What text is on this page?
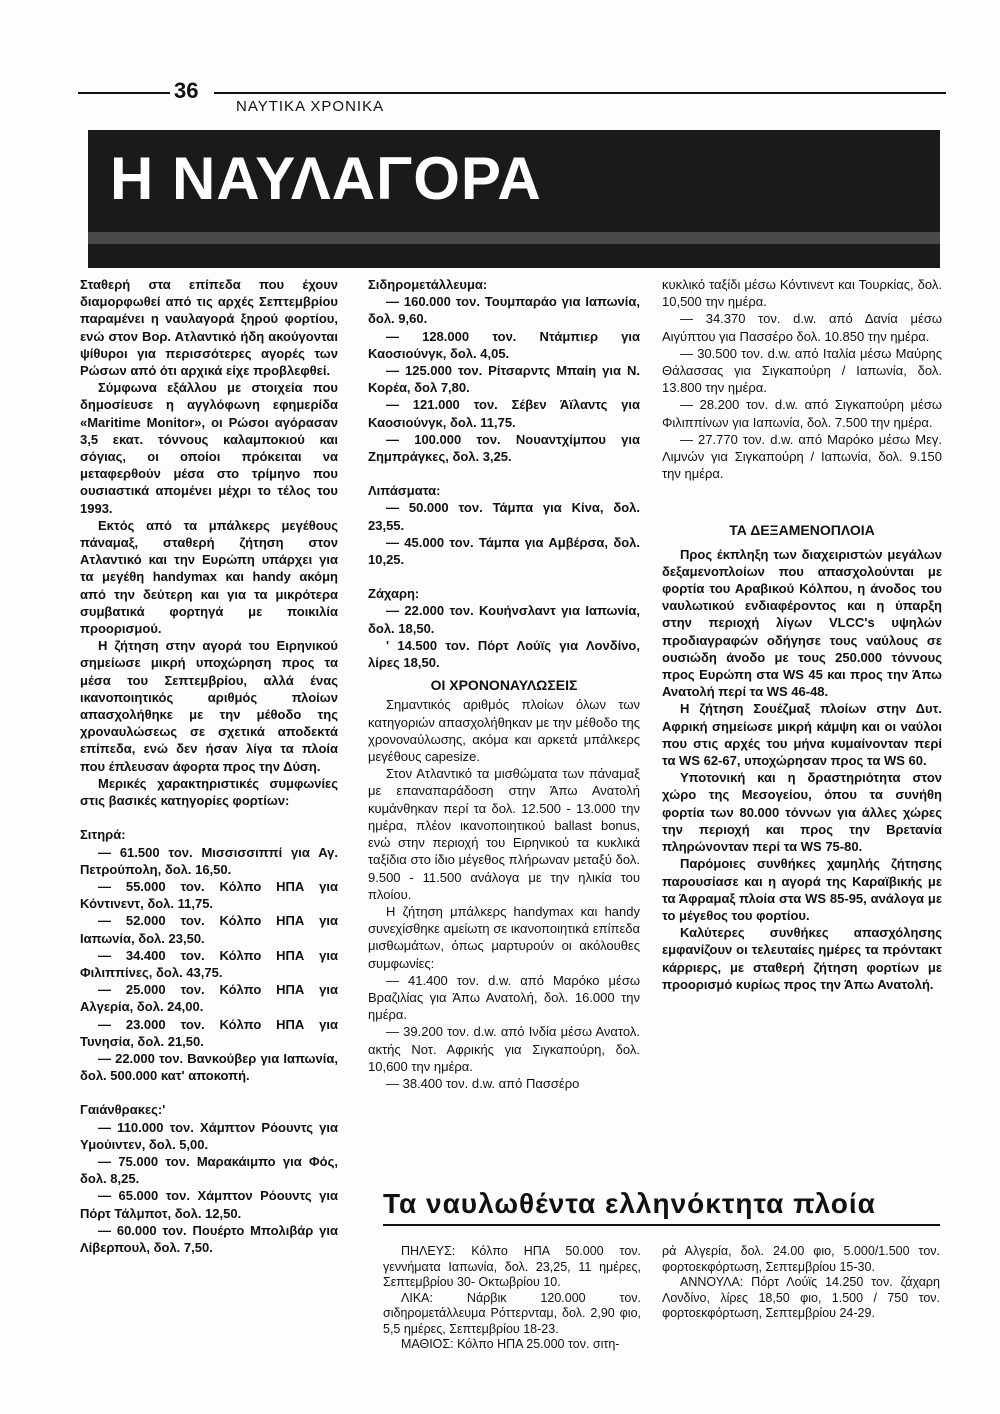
36
ΝΑΥΤΙΚΑ ΧΡΟΝΙΚΑ
Η ΝΑΥΛΑΓΟΡΑ

Σταθερή στα επίπεδα που έχουν διαμορφωθεί από τις αρχές Σεπτεμβρίου παραμένει η ναυλαγορά ξηρού φορτίου, ενώ στον Βορ. Ατλαντικό ήδη ακούγονται ψίθυροι για περισσότερες αγορές των Ρώσων από ότι αρχικά είχε προβλεφθεί.

Σύμφωνα εξάλλου με στοιχεία που δημοσίευσε η αγγλόφωνη εφημερίδα «Maritime Monitor», οι Ρώσοι αγόρασαν 3,5 εκατ. τόννους καλαμποκιού και σόγιας, οι οποίοι πρόκειται να μεταφερθούν μέσα στο τρίμηνο που ουσιαστικά απομένει μέχρι το τέλος του 1993.

Εκτός από τα μπάλκερς μεγέθους πάναμαξ, σταθερή ζήτηση στον Ατλαντικό και την Ευρώπη υπάρχει για τα μεγέθη handymax και handy ακόμη από την δεύτερη και για τα μικρότερα συμβατικά φορτηγά με ποικιλία προορισμού.

Η ζήτηση στην αγορά του Ειρηνικού σημείωσε μικρή υποχώρηση προς τα μέσα του Σεπτεμβρίου, αλλά ένας ικανοποιητικός αριθμός πλοίων απασχολήθηκε με την μέθοδο της χροναυλώσεως σε σχετικά αποδεκτά επίπεδα, ενώ δεν ήσαν λίγα τα πλοία που έπλευσαν άφορτα προς την Δύση.

Μερικές χαρακτηριστικές συμφωνίες στις βασικές κατηγορίες φορτίων:

Σιτηρά:

— 61.500 τον. Μισσισσιππί για Αγ. Πετρούπολη, δολ. 16,50.

— 55.000 τον. Κόλπο ΗΠΑ για Κόντινεντ, δολ. 11,75.

— 52.000 τον. Κόλπο ΗΠΑ για Ιαπωνία, δολ. 23,50.

— 34.400 τον. Κόλπο ΗΠΑ για Φιλιππίνες, δολ. 43,75.

— 25.000 τον. Κόλπο ΗΠΑ για Αλγερία, δολ. 24,00.

— 23.000 τον. Κόλπο ΗΠΑ για Τυνησία, δολ. 21,50.

— 22.000 τον. Βανκούβερ για Ιαπωνία, δολ. 500.000 κατ' αποκοπή.

Γαιάνθρακες:'

— 110.000 τον. Χάμπτον Ρόουντς για Υμούιντεν, δολ. 5,00.

— 75.000 τον. Μαρακάιμπο για Φός, δολ. 8,25.

— 65.000 τον. Χάμπτον Ρόουντς για Πόρτ Τάλμποτ, δολ. 12,50.

— 60.000 τον. Πουέρτο Μπολιβάρ για Λίβερπουλ, δολ. 7,50.

Σιδηρομετάλλευμα:

— 160.000 τον. Τουμπαράο για Ιαπωνία, δολ. 9,60.

— 128.000 τον. Ντάμπιερ για Καοσιούνγκ, δολ. 4,05.

— 125.000 τον. Ρίτσαρντς Μπαίη για Ν. Κορέα, δολ 7,80.

— 121.000 τον. Σέβεν Άϊλαντς για Καοσιούνγκ, δολ. 11,75.

— 100.000 τον. Νουαντχίμπου για Ζημπράγκες, δολ. 3,25.

Λιπάσματα:

— 50.000 τον. Τάμπα για Κίνα, δολ. 23,55.

— 45.000 τον. Τάμπα για Αμβέρσα, δολ. 10,25.

Ζάχαρη:

— 22.000 τον. Κουήνσλαντ για Ιαπωνία, δολ. 18,50.

' 14.500 τον. Πόρτ Λούϊς για Λονδίνο, λίρες 18,50.

ΟΙ ΧΡΟΝΟΝΑΥΛΩΣΕΙΣ

Σημαντικός αριθμός πλοίων όλων των κατηγοριών απασχολήθηκαν με την μέθοδο της χρονοναύλωσης, ακόμα και αρκετά μπάλκερς μεγέθους capesize.

Στον Ατλαντικό τα μισθώματα των πάναμαξ με επαναπαράδοση στην Άπω Ανατολή κυμάνθηκαν περί τα δολ. 12.500 - 13.000 την ημέρα, πλέον ικανοποιητικού ballast bonus, ενώ στην περιοχή του Ειρηνικού τα κυκλικά ταξίδια στο ίδιο μέγεθος πλήρωναν μεταξύ δολ. 9.500 - 11.500 ανάλογα με την ηλικία του πλοίου.

Η ζήτηση μπάλκερς handymax και handy συνεχίσθηκε αμείωτη σε ικανοποιητικά επίπεδα μισθωμάτων, όπως μαρτυρούν οι ακόλουθες συμφωνίες:

— 41.400 τον. d.w. από Μαρόκο μέσω Βραζιλίας για Άπω Ανατολή, δολ. 16.000 την ημέρα.

— 39.200 τον. d.w. από Ινδία μέσω Ανατολ. ακτής Νοτ. Αφρικής για Σιγκαπούρη, δολ. 10,600 την ημέρα.

— 38.400 τον. d.w. από Πασσέρο

κυκλικό ταξίδι μέσω Κόντινεντ και Τουρκίας, δολ. 10,500 την ημέρα.

— 34.370 τον. d.w. από Δανία μέσω Αιγύπτου για Πασσέρο δολ. 10.850 την ημέρα.

— 30.500 τον. d.w. από Ιταλία μέσω Μαύρης Θάλασσας για Σιγκαπούρη / Ιαπωνία, δολ. 13.800 την ημέρα.

— 28.200 τον. d.w. από Σιγκαπούρη μέσω Φιλιππίνων για Ιαπωνία, δολ. 7.500 την ημέρα.

— 27.770 τον. d.w. από Μαρόκο μέσω Μεγ. Λιμνών για Σιγκαπούρη / Ιαπωνία, δολ. 9.150 την ημέρα.

ΤΑ ΔΕΞΑΜΕΝΟΠΛΟΙΑ

Προς έκπληξη των διαχειριστών μεγάλων δεξαμενοπλοίων που απασχολούνται με φορτία του Αραβικού Κόλπου, η άνοδος του ναυλωτικού ενδιαφέροντος και η ύπαρξη στην περιοχή λίγων VLCC's υψηλών προδιαγραφών οδήγησε τους ναύλους σε ουσιώδη άνοδο με τους 250.000 τόννους προς Ευρώπη στα WS 45 και προς την Άπω Ανατολή περί τα WS 46-48.

Η ζήτηση Σουέζμαξ πλοίων στην Δυτ. Αφρική σημείωσε μικρή κάμψη και οι ναύλοι που στις αρχές του μήνα κυμαίνονταν περί τα WS 62-67, υποχώρησαν προς τα WS 60.

Υποτονική και η δραστηριότητα στον χώρο της Μεσογείου, όπου τα συνήθη φορτία των 80.000 τόννων για άλλες χώρες την περιοχή και προς την Βρετανία πληρώνονταν περί τα WS 75-80.

Παρόμοιες συνθήκες χαμηλής ζήτησης παρουσίασε και η αγορά της Καραϊβικής με τα Άφραμαξ πλοία στα WS 85-95, ανάλογα με το μέγεθος του φορτίου.

Καλύτερες συνθήκες απασχόλησης εμφανίζουν οι τελευταίες ημέρες τα πρόντακτ κάρριερς, με σταθερή ζήτηση φορτίων με προορισμό κυρίως προς την Άπω Ανατολή.

Τα ναυλωθέντα ελληνόκτητα πλοία

ΠΗΛΕΥΣ: Κόλπο ΗΠΑ 50.000 τον. γεννήματα Ιαπωνία, δολ. 23,25, 11 ημέρες, Σεπτεμβρίου 30- Οκτωβρίου 10.

ΛΙΚΑ: Νάρβικ 120.000 τον. σιδηρομετάλλευμα Ρόττερνταμ, δολ. 2,90 φιο, 5,5 ημέρες, Σεπτεμβρίου 18-23.

ΜΑΘΙΟΣ: Κόλπο ΗΠΑ 25.000 τον. σιτη-

ρά Αλγερία, δολ. 24.00 φιο, 5.000/1.500 τον. φορτοεκφόρτωση, Σεπτεμβρίου 15-30.

ΑΝΝΟΥΛΑ: Πόρτ Λούϊς 14.250 τον. ζάχαρη Λονδίνο, λίρες 18,50 φιο, 1.500 / 750 τον. φορτοεκφόρτωση, Σεπτεμβρίου 24-29.
